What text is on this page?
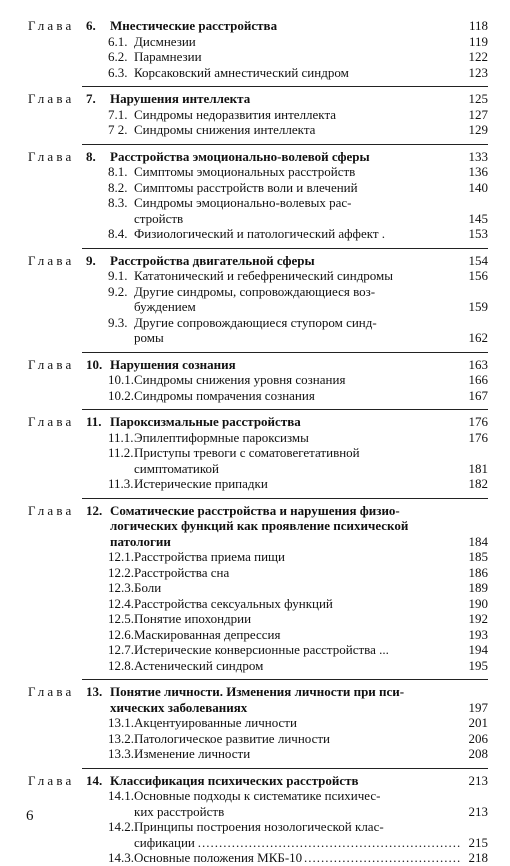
Глава 6. Мнестические расстройства .....	118
6.1. Дисмнезии .....	119
6.2. Парамнезии .....	122
6.3. Корсаковский амнестический синдром .....	123
Глава 7. Нарушения интеллекта .....	125
7.1. Синдромы недоразвития интеллекта .....	127
7 2. Синдромы снижения интеллекта .....	129
Глава 8. Расстройства эмоционально-волевой сферы .....	133
8.1. Симптомы эмоциональных расстройств .....	136
8.2. Симптомы расстройств воли и влечений .....	140
8.3. Синдромы эмоционально-волевых рас-
стройств .....	145
8.4. Физиологический и патологический аффект . .....	153
Глава 9. Расстройства двигательной сферы .....	154
9.1. Кататонический и гебефренический синдромы .....	156
9.2. Другие синдромы, сопровождающиеся воз-
буждением .....	159
9.3. Другие сопровождающиеся ступором синд-
ромы .....	162
Глава 10. Нарушения сознания .....	163
10.1. Синдромы снижения уровня сознания .....	166
10.2. Синдромы помрачения сознания .....	167
Глава 11. Пароксизмальные расстройства .....	176
11.1. Эпилептиформные пароксизмы .....	176
11.2. Приступы тревоги с соматовегетативной
симптоматикой .....	181
11.3. Истерические припадки .....	182
Глава 12. Соматические расстройства и нарушения физио-
логических функций как проявление психической
патологии .....	184
12.1. Расстройства приема пищи .....	185
12.2. Расстройства сна .....	186
12.3. Боли .....	189
12.4. Расстройства сексуальных функций .....	190
12.5. Понятие ипохондрии .....	192
12.6. Маскированная депрессия .....	193
12.7. Истерические конверсионные расстройства ... .....	194
12.8. Астенический синдром .....	195
Глава 13. Понятие личности. Изменения личности при пси-
хических заболеваниях .....	197
13.1. Акцентуированные личности .....	201
13.2. Патологическое развитие личности .....	206
13.3. Изменение личности .....	208
Глава 14. Классификация психических расстройств .....	213
14.1. Основные подходы к систематике психичес-
ких расстройств .....	213
14.2. Принципы построения нозологической клас-
сификации .....	215
14.3. Основные положения МКБ-10 .....	218
6
